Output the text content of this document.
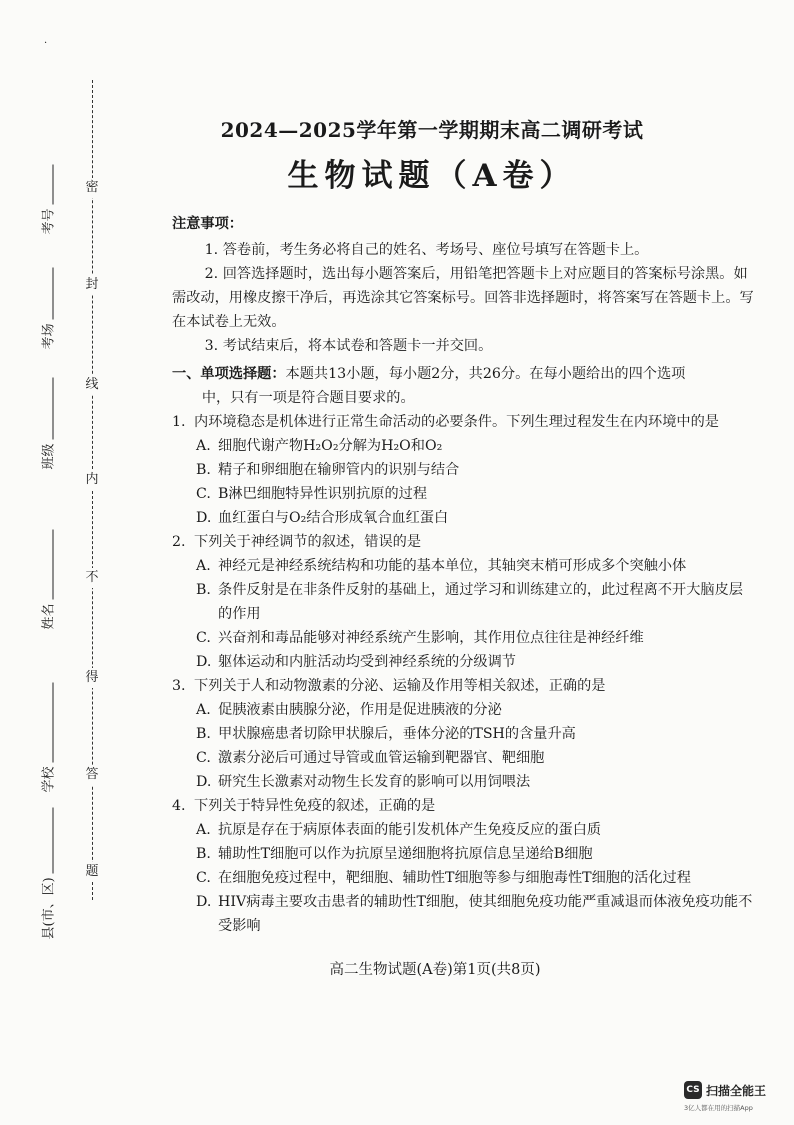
.
密
封
线
内
不
得
答
题
考号
考场
班级
姓名
学校
县(市、区)
2024—2025学年第一学期期末高二调研考试
生物试题（A卷）
注意事项：
1. 答卷前，考生务必将自己的姓名、考场号、座位号填写在答题卡上。
2. 回答选择题时，选出每小题答案后，用铅笔把答题卡上对应题目的答案标号涂黑。如需改动，用橡皮擦干净后，再选涂其它答案标号。回答非选择题时，将答案写在答题卡上。写在本试卷上无效。
3. 考试结束后，将本试卷和答题卡一并交回。
一、单项选择题：本题共13小题，每小题2分，共26分。在每小题给出的四个选项
中，只有一项是符合题目要求的。
1. 内环境稳态是机体进行正常生命活动的必要条件。下列生理过程发生在内环境中的是
A. 细胞代谢产物H₂O₂分解为H₂O和O₂
B. 精子和卵细胞在输卵管内的识别与结合
C. B淋巴细胞特异性识别抗原的过程
D. 血红蛋白与O₂结合形成氧合血红蛋白
2. 下列关于神经调节的叙述，错误的是
A. 神经元是神经系统结构和功能的基本单位，其轴突末梢可形成多个突触小体
B. 条件反射是在非条件反射的基础上，通过学习和训练建立的，此过程离不开大脑皮层的作用
C. 兴奋剂和毒品能够对神经系统产生影响，其作用位点往往是神经纤维
D. 躯体运动和内脏活动均受到神经系统的分级调节
3. 下列关于人和动物激素的分泌、运输及作用等相关叙述，正确的是
A. 促胰液素由胰腺分泌，作用是促进胰液的分泌
B. 甲状腺癌患者切除甲状腺后，垂体分泌的TSH的含量升高
C. 激素分泌后可通过导管或血管运输到靶器官、靶细胞
D. 研究生长激素对动物生长发育的影响可以用饲喂法
4. 下列关于特异性免疫的叙述，正确的是
A. 抗原是存在于病原体表面的能引发机体产生免疫反应的蛋白质
B. 辅助性T细胞可以作为抗原呈递细胞将抗原信息呈递给B细胞
C. 在细胞免疫过程中，靶细胞、辅助性T细胞等参与细胞毒性T细胞的活化过程
D. HIV病毒主要攻击患者的辅助性T细胞，使其细胞免疫功能严重减退而体液免疫功能不受影响
高二生物试题(A卷)第1页(共8页)
CS 扫描全能王
3亿人都在用的扫描App
